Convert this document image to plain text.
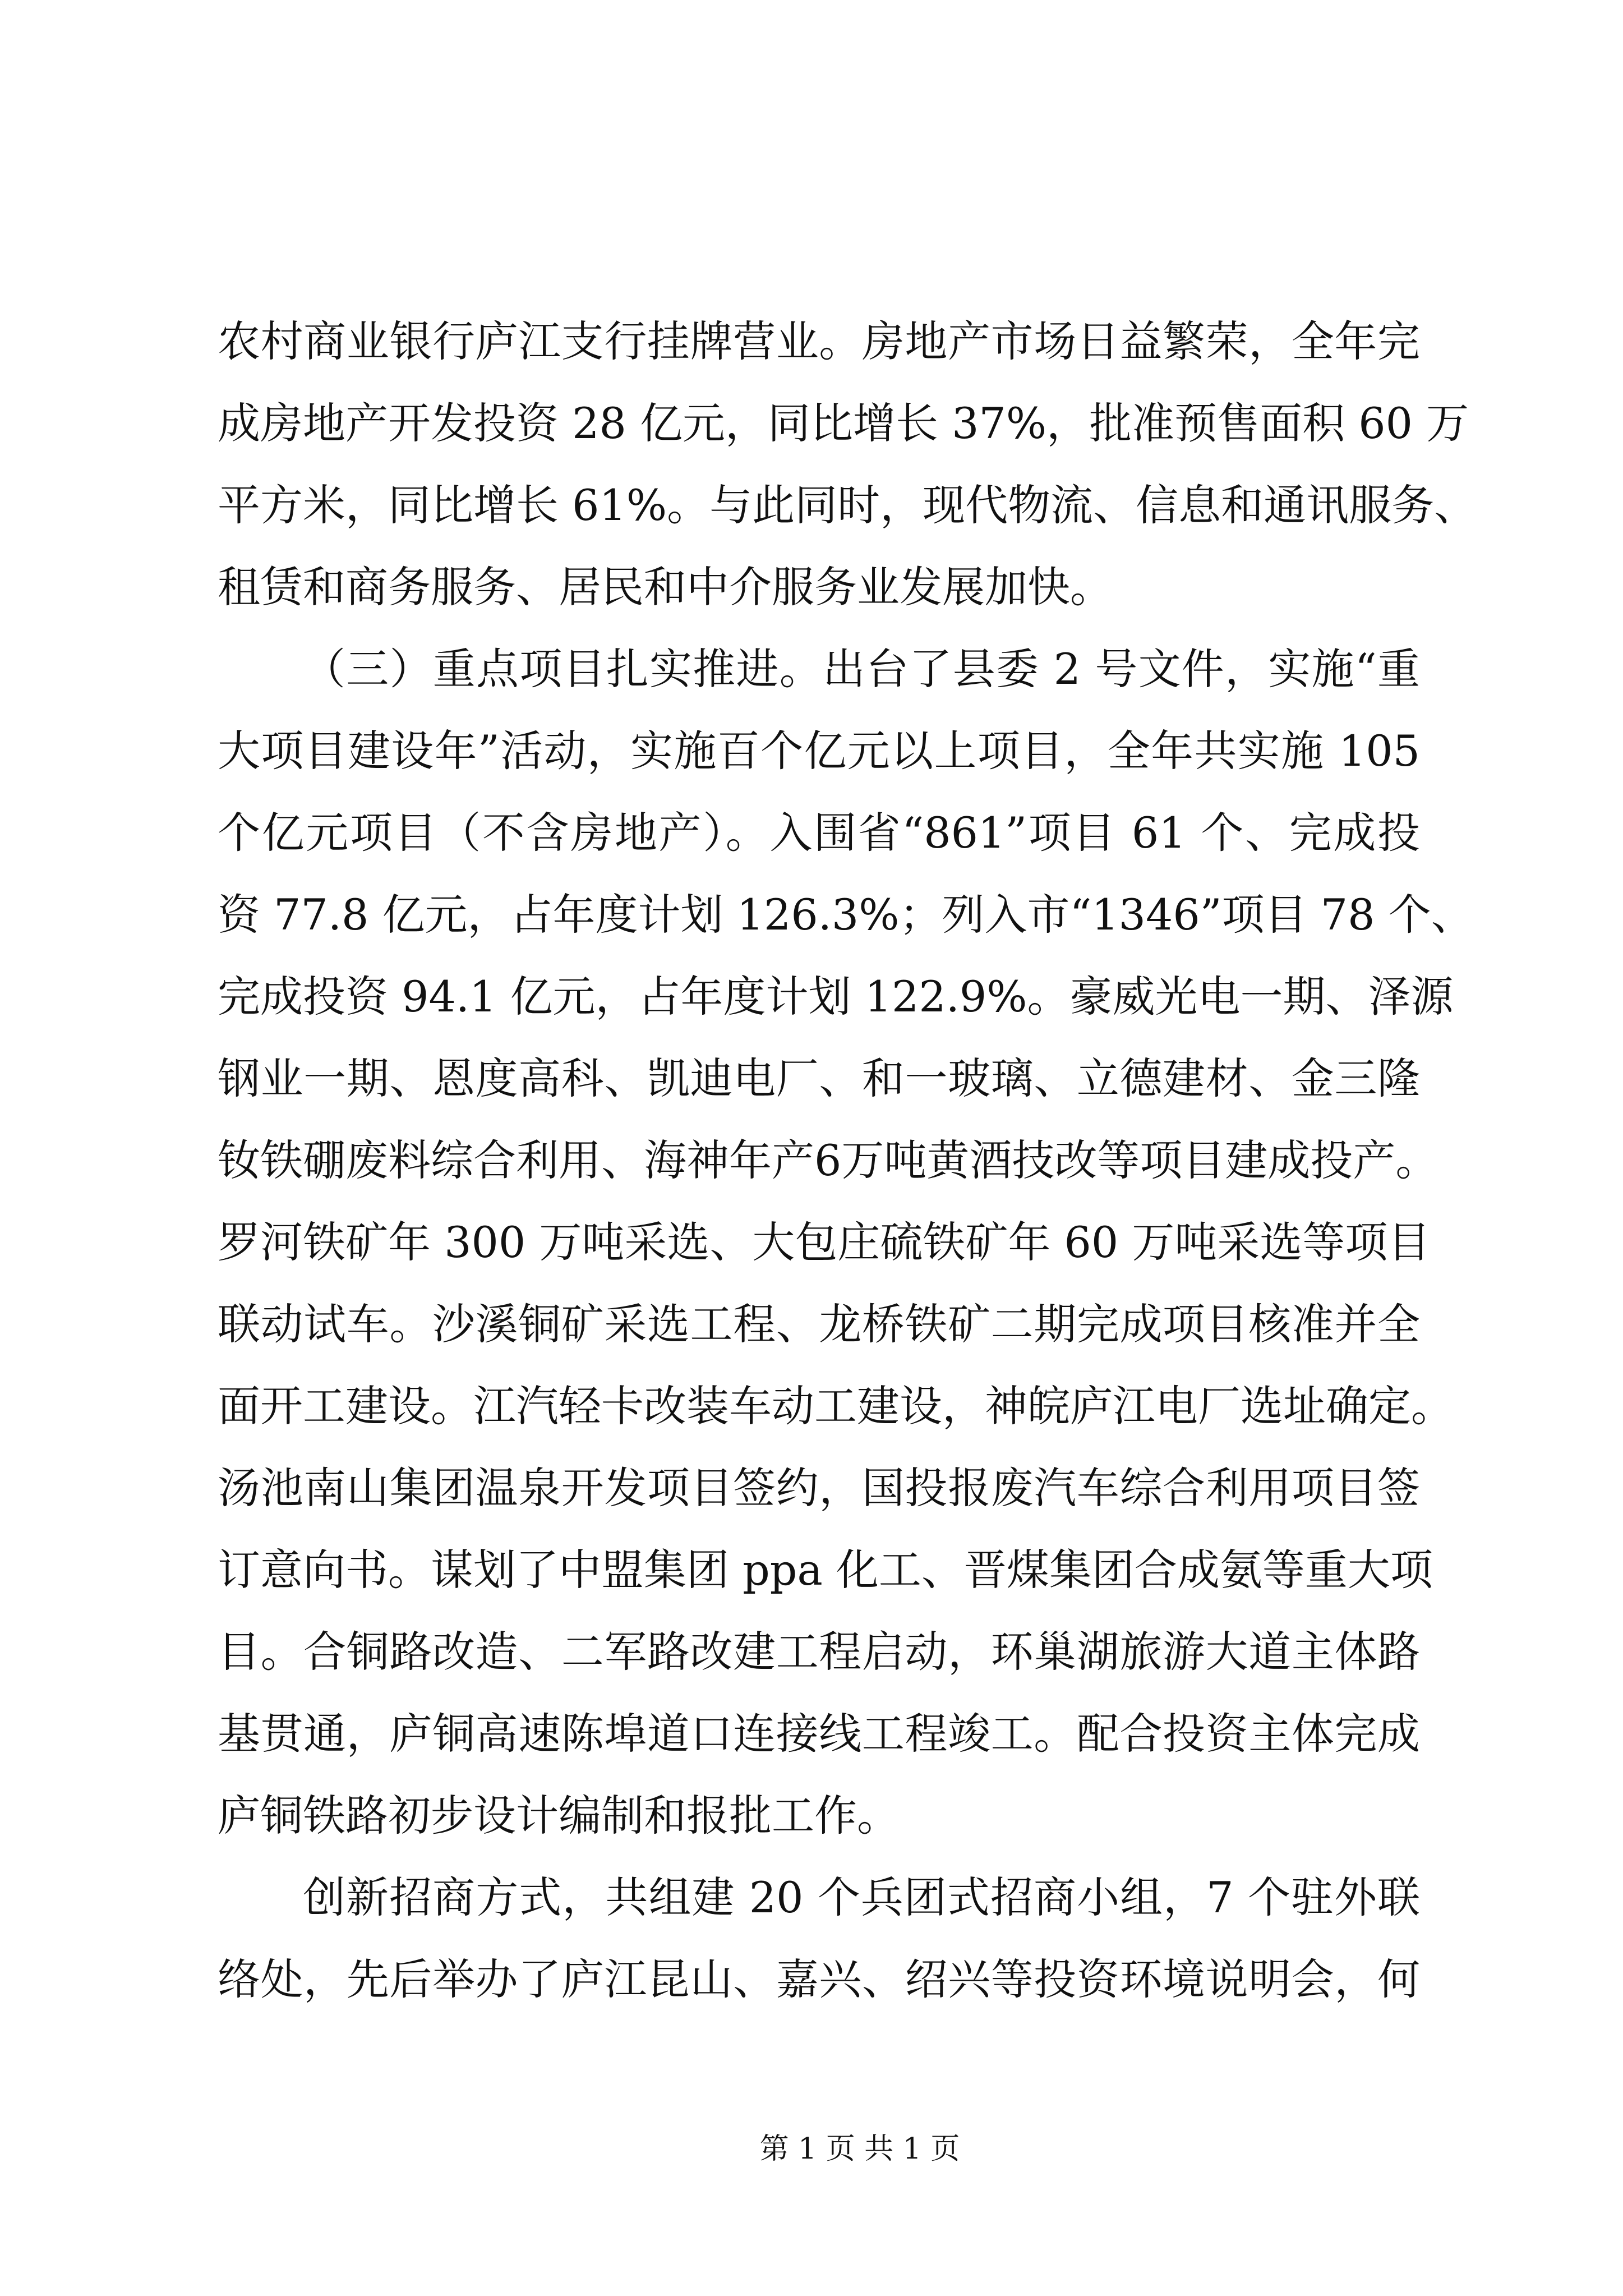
农村商业银行庐江支行挂牌营业。房地产市场日益繁荣，全年完
成房地产开发投资 28 亿元，同比增长 37%，批准预售面积 60 万
平方米，同比增长 61%。与此同时，现代物流、信息和通讯服务、
租赁和商务服务、居民和中介服务业发展加快。
（三）重点项目扎实推进。出台了县委 2 号文件，实施“重
大项目建设年”活动，实施百个亿元以上项目，全年共实施 105
个亿元项目（不含房地产）。入围省“861”项目 61 个、完成投
资 77.8 亿元，占年度计划 126.3%；列入市“1346”项目 78 个、
完成投资 94.1 亿元，占年度计划 122.9%。豪威光电一期、泽源
钢业一期、恩度高科、凯迪电厂、和一玻璃、立德建材、金三隆
钕铁硼废料综合利用、海神年产6万吨黄酒技改等项目建成投产。
罗河铁矿年 300 万吨采选、大包庄硫铁矿年 60 万吨采选等项目
联动试车。沙溪铜矿采选工程、龙桥铁矿二期完成项目核准并全
面开工建设。江汽轻卡改装车动工建设，神皖庐江电厂选址确定。
汤池南山集团温泉开发项目签约，国投报废汽车综合利用项目签
订意向书。谋划了中盟集团 ppa 化工、晋煤集团合成氨等重大项
目。合铜路改造、二军路改建工程启动，环巢湖旅游大道主体路
基贯通，庐铜高速陈埠道口连接线工程竣工。配合投资主体完成
庐铜铁路初步设计编制和报批工作。
创新招商方式，共组建 20 个兵团式招商小组，7 个驻外联
络处，先后举办了庐江昆山、嘉兴、绍兴等投资环境说明会，何
第 1 页 共 1 页
